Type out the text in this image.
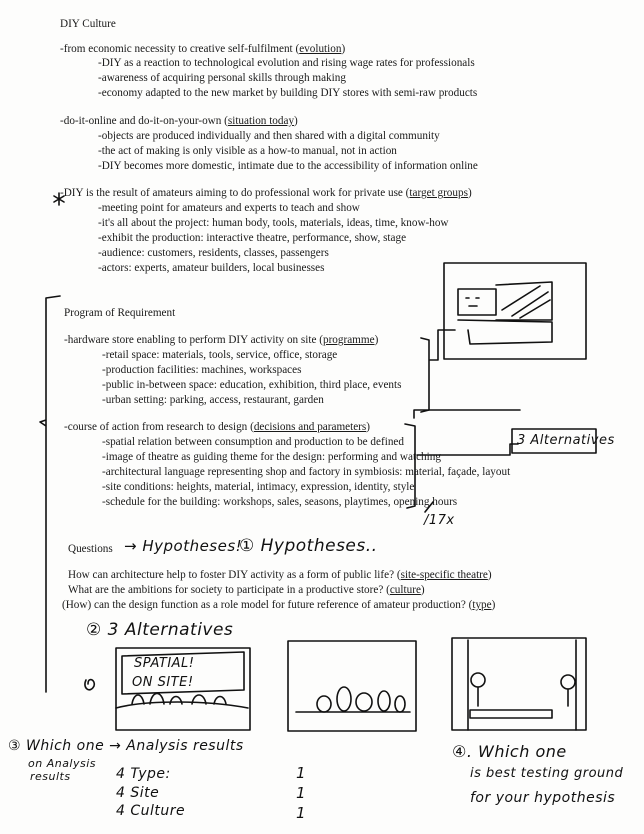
DIY Culture
-from economic necessity to creative self-fulfilment (evolution)
-DIY as a reaction to technological evolution and rising wage rates for professionals
-awareness of acquiring personal skills through making
-economy adapted to the new market by building DIY stores with semi-raw products
-do-it-online and do-it-on-your-own (situation today)
-objects are produced individually and then shared with a digital community
-the act of making is only visible as a how-to manual, not in action
-DIY becomes more domestic, intimate due to the accessibility of information online
-DIY is the result of amateurs aiming to do professional work for private use (target groups)
-meeting point for amateurs and experts to teach and show
-it's all about the project: human body, tools, materials, ideas, time, know-how
-exhibit the production: interactive theatre, performance, show, stage
-audience: customers, residents, classes, passengers
-actors: experts, amateur builders, local businesses
Program of Requirement
-hardware store enabling to perform DIY activity on site (programme)
-retail space: materials, tools, service, office, storage
-production facilities: machines, workspaces
-public in-between space: education, exhibition, third place, events
-urban setting: parking, access, restaurant, garden
-course of action from research to design (decisions and parameters)
-spatial relation between consumption and production to be defined
-image of theatre as guiding theme for the design: performing and watching
-architectural language representing shop and factory in symbiosis: material, façade, layout
-site conditions: heights, material, intimacy, expression, identity, style
-schedule for the building: workshops, sales, seasons, playtimes, opening hours
Questions
How can architecture help to foster DIY activity as a form of public life? (site-specific theatre)
What are the ambitions for society to participate in a productive store? (culture)
(How) can the design function as a role model for future reference of amateur production? (type)
→ Hypotheses!
① Hypotheses..
3 Alternatives
/17x
② 3 Alternatives
SPATIAL!
ON SITE!
③ Which one → Analysis results
on Analysis
results	4 Type:
4 Site
4 Culture
1
1
1
④. Which one
is best testing ground
for your hypothesis
